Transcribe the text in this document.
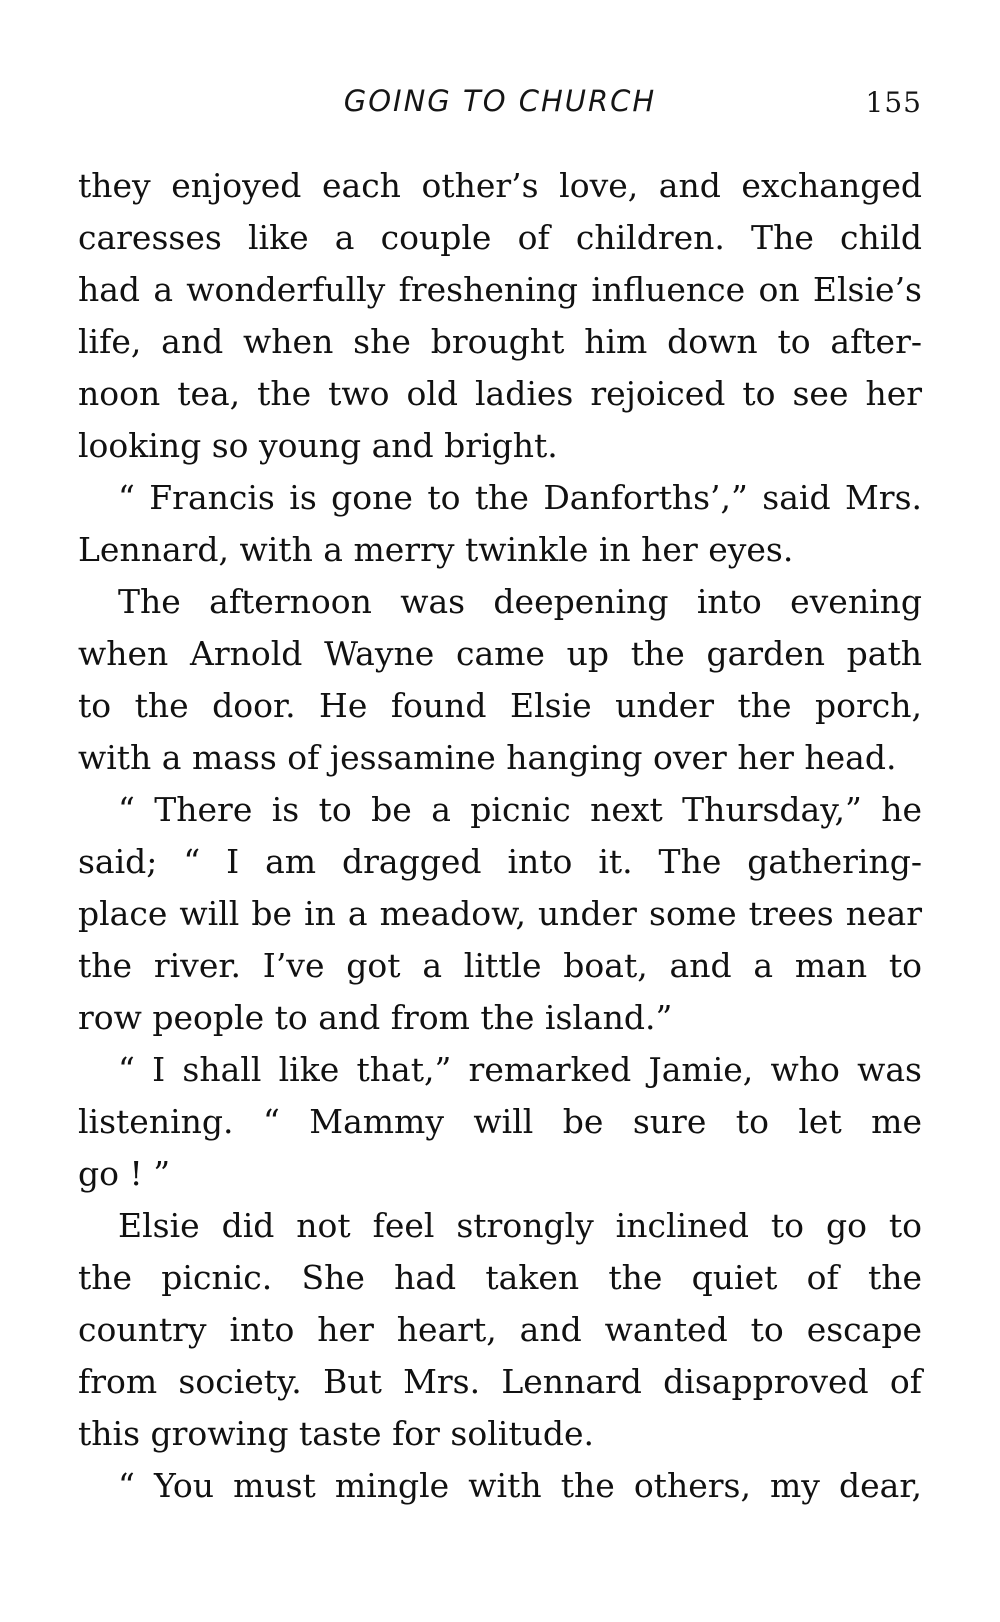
GOING TO CHURCH	155
they enjoyed each other’s love, and exchanged
caresses like a couple of children. The child
had a wonderfully freshening influence on Elsie’s
life, and when she brought him down to after-
noon tea, the two old ladies rejoiced to see her
looking so young and bright.
“ Francis is gone to the Danforths’,” said Mrs.
Lennard, with a merry twinkle in her eyes.
The afternoon was deepening into evening
when Arnold Wayne came up the garden path
to the door. He found Elsie under the porch,
with a mass of jessamine hanging over her head.
“ There is to be a picnic next Thursday,” he
said; “ I am dragged into it. The gathering-
place will be in a meadow, under some trees near
the river. I’ve got a little boat, and a man to
row people to and from the island.”
“ I shall like that,” remarked Jamie, who was
listening. “ Mammy will be sure to let me
go ! ”
Elsie did not feel strongly inclined to go to
the picnic. She had taken the quiet of the
country into her heart, and wanted to escape
from society. But Mrs. Lennard disapproved of
this growing taste for solitude.
“ You must mingle with the others, my dear,
